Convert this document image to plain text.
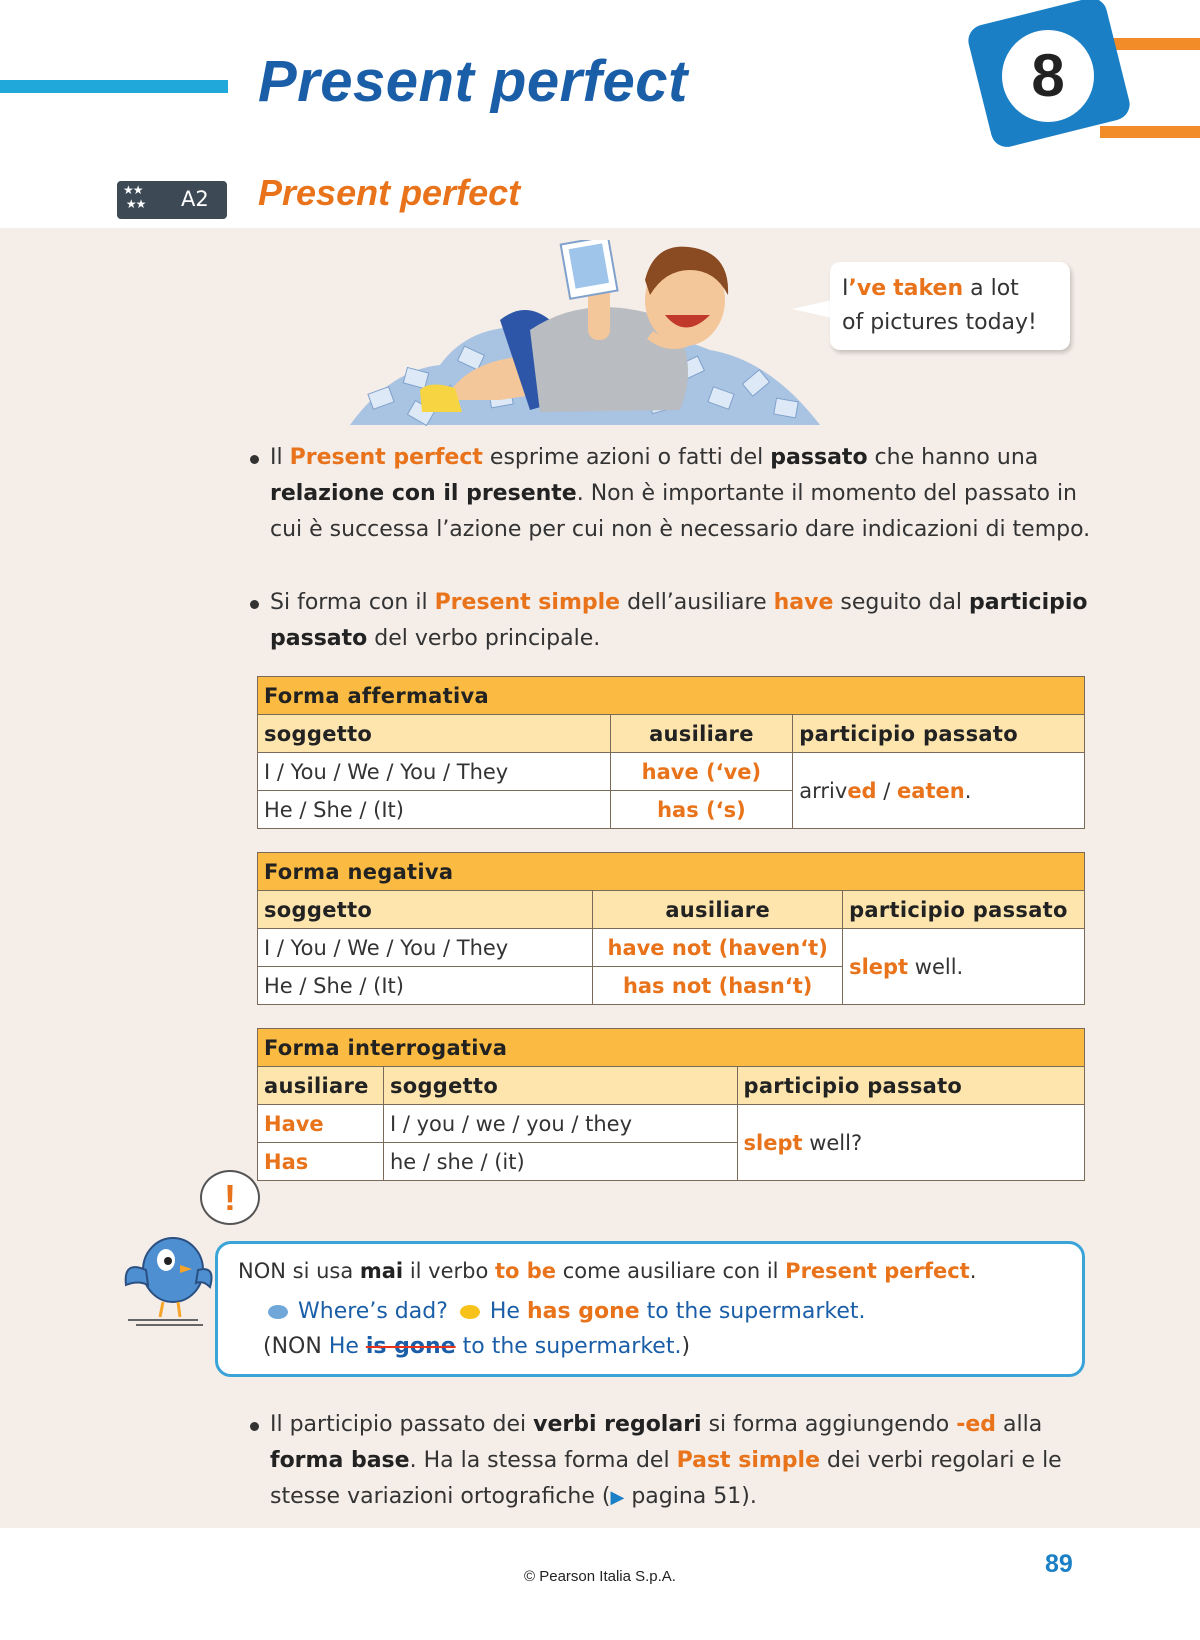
Present perfect	8
★★
★★ A2 Present perfect
I’ve taken a lot
of pictures today!
Il Present perfect esprime azioni o fatti del passato che hanno una relazione con il presente. Non è importante il momento del passato in cui è successa l’azione per cui non è necessario dare indicazioni di tempo.
Si forma con il Present simple dell’ausiliare have seguito dal participio passato del verbo principale.
Forma affermativa		
soggetto	ausiliare	participio passato
I / You / We / You / They	have (‘ve)	arrived / eaten.
He / She / (It)	has (‘s)	
Forma negativa		
soggetto	ausiliare	participio passato
I / You / We / You / They	have not (haven‘t)	slept well.
He / She / (It)	has not (hasn‘t)	
Forma interrogativa		
ausiliare	soggetto	participio passato
Have	I / you / we / you / they	slept well?
Has	he / she / (it)	
!
NON si usa mai il verbo to be come ausiliare con il Present perfect.
Where’s dad? He has gone to the supermarket.
(NON He is gone to the supermarket.)
Il participio passato dei verbi regolari si forma aggiungendo -ed alla forma base. Ha la stessa forma del Past simple dei verbi regolari e le stesse variazioni ortografiche (▶ pagina 51).
© Pearson Italia S.p.A.	89
